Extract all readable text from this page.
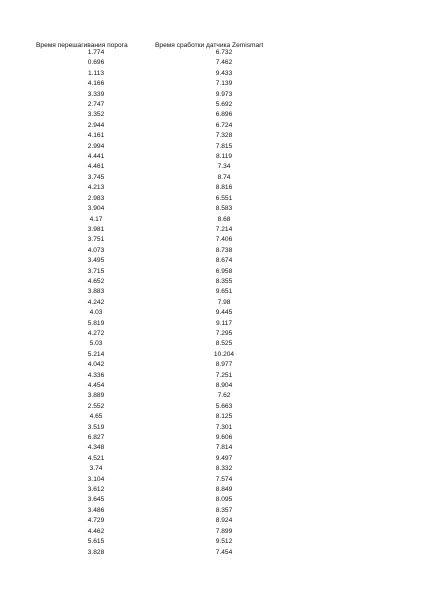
Время перешагивания порога	Время сработки датчика Zemismart
1.774	6.732
0.696	7.462
1.113	9.433
4.166	7.139
3.339	9.973
2.747	5.692
3.352	6.896
2.944	6.724
4.161	7.328
2.994	7.815
4.441	8.119
4.461	7.34
3.745	8.74
4.213	8.816
2.983	6.551
3.904	8.583
4.17	8.68
3.981	7.214
3.751	7.406
4.073	8.738
3.495	8.674
3.715	6.958
4.652	8.355
3.883	9.651
4.242	7.98
4.03	9.445
5.819	9.117
4.272	7.295
5.03	8.525
5.214	10.204
4.042	8.977
4.336	7.251
4.454	8.904
3.889	7.62
2.552	5.663
4.65	8.125
3.519	7.301
6.827	9.606
4.348	7.814
4.521	9.497
3.74	8.332
3.104	7.574
3.612	8.849
3.645	8.095
3.486	8.357
4.729	8.924
4.462	7.899
5.615	9.512
3.828	7.454
